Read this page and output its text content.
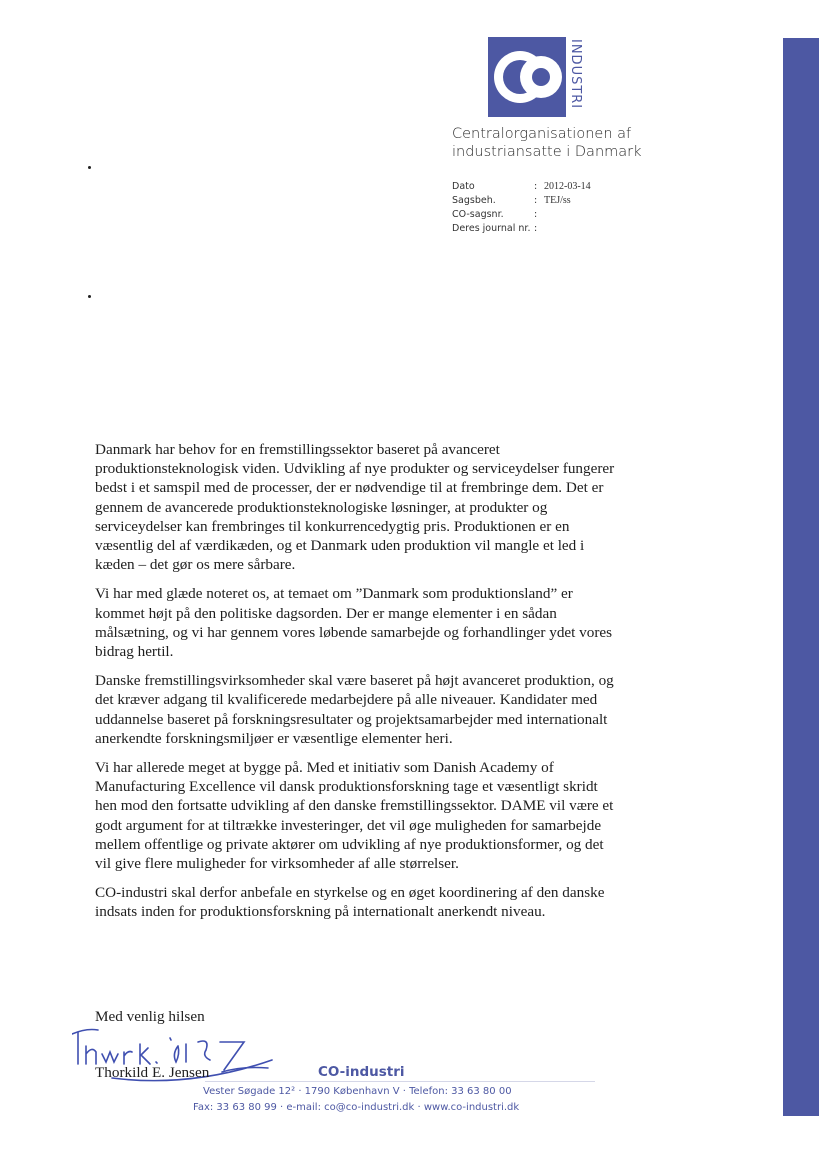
INDUSTRI
Centralorganisationen af
industriansatte i Danmark
Dato	: 2012-03-14
Sagsbeh.	: TEJ/ss
CO-sagsnr.	:
Deres journal nr. :

Danmark har behov for en fremstillingssektor baseret på avanceret produktionsteknologisk viden. Udvikling af nye produkter og serviceydelser fungerer bedst i et samspil med de processer, der er nødvendige til at frembringe dem. Det er gennem de avancerede produktionsteknologiske løsninger, at produkter og serviceydelser kan frembringes til konkurrencedygtig pris. Produktionen er en væsentlig del af værdikæden, og et Danmark uden produktion vil mangle et led i kæden – det gør os mere sårbare.

Vi har med glæde noteret os, at temaet om ”Danmark som produktionsland” er kommet højt på den politiske dagsorden. Der er mange elementer i en sådan målsætning, og vi har gennem vores løbende samarbejde og forhandlinger ydet vores bidrag hertil.

Danske fremstillingsvirksomheder skal være baseret på højt avanceret produktion, og det kræver adgang til kvalificerede medarbejdere på alle niveauer. Kandidater med uddannelse baseret på forskningsresultater og projektsamarbejder med internationalt anerkendte forskningsmiljøer er væsentlige elementer heri.

Vi har allerede meget at bygge på. Med et initiativ som Danish Academy of Manufacturing Excellence vil dansk produktionsforskning tage et væsentligt skridt hen mod den fortsatte udvikling af den danske fremstillingssektor. DAME vil være et godt argument for at tiltrække investeringer, det vil øge muligheden for samarbejde mellem offentlige og private aktører om udvikling af nye produktionsformer, og det vil give flere muligheder for virksomheder af alle størrelser.

CO-industri skal derfor anbefale en styrkelse og en øget koordinering af den danske indsats inden for produktionsforskning på internationalt anerkendt niveau.

Med venlig hilsen
Thorkild E. Jensen	CO-industri
Vester Søgade 12² · 1790 København V · Telefon: 33 63 80 00
Fax: 33 63 80 99 · e-mail: co@co-industri.dk · www.co-industri.dk
